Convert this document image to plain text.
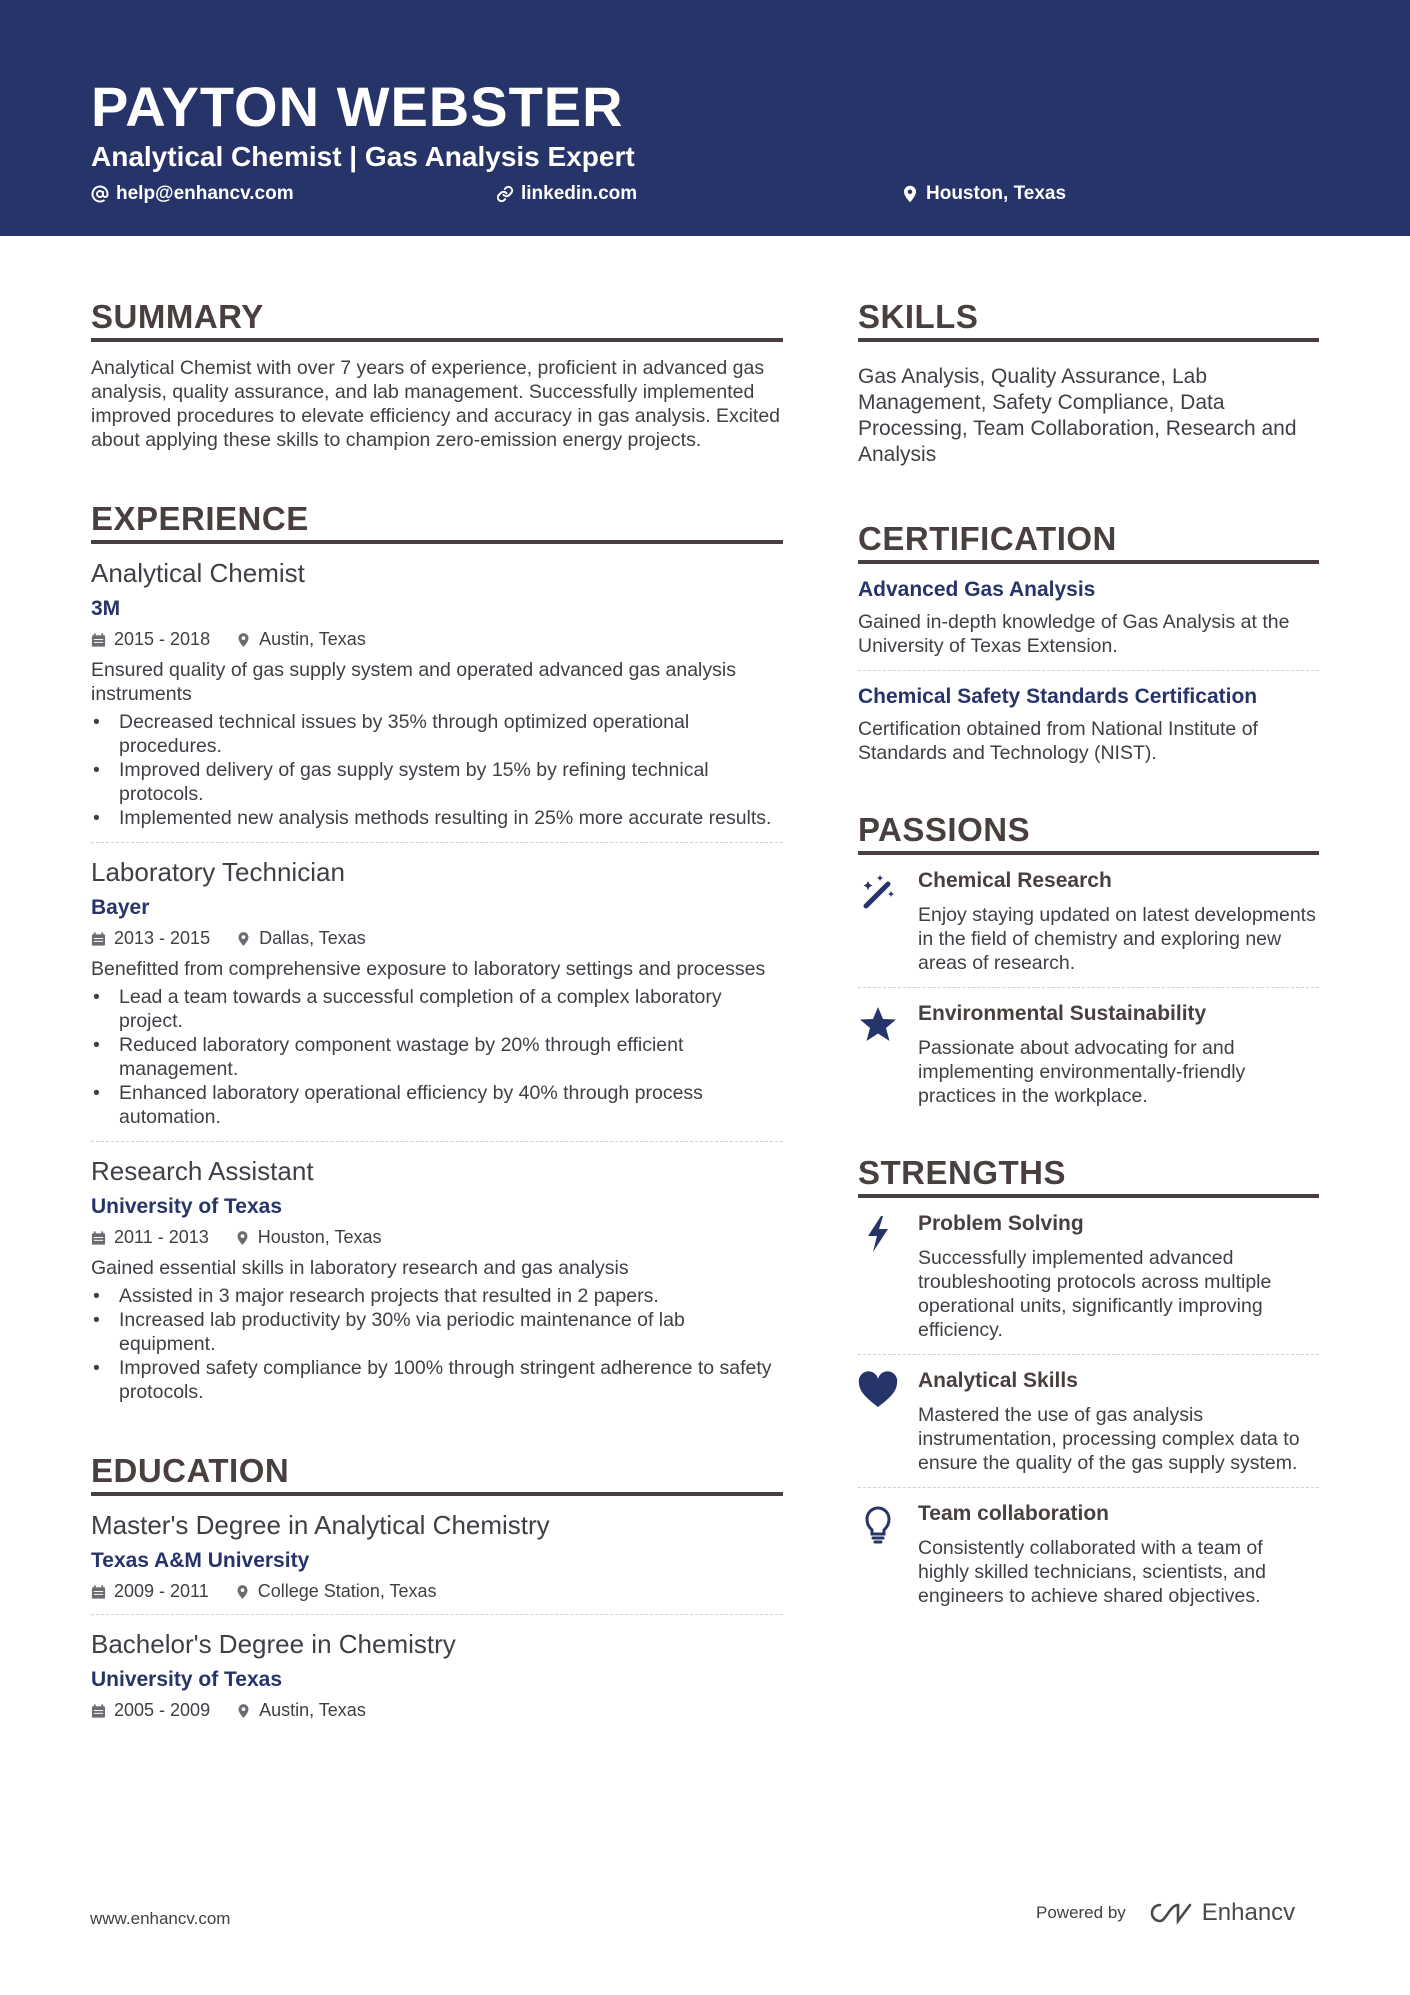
PAYTON WEBSTER
Analytical Chemist | Gas Analysis Expert
help@enhancv.com	linkedin.com	Houston, Texas
SUMMARY
Analytical Chemist with over 7 years of experience, proficient in advanced gas analysis, quality assurance, and lab management. Successfully implemented improved procedures to elevate efficiency and accuracy in gas analysis. Excited about applying these skills to champion zero-emission energy projects.
EXPERIENCE
Analytical Chemist
3M
2015 - 2018	Austin, Texas
Ensured quality of gas supply system and operated advanced gas analysis instruments
• Decreased technical issues by 35% through optimized operational procedures.
• Improved delivery of gas supply system by 15% by refining technical protocols.
• Implemented new analysis methods resulting in 25% more accurate results.
Laboratory Technician
Bayer
2013 - 2015	Dallas, Texas
Benefitted from comprehensive exposure to laboratory settings and processes
• Lead a team towards a successful completion of a complex laboratory project.
• Reduced laboratory component wastage by 20% through efficient management.
• Enhanced laboratory operational efficiency by 40% through process automation.
Research Assistant
University of Texas
2011 - 2013	Houston, Texas
Gained essential skills in laboratory research and gas analysis
• Assisted in 3 major research projects that resulted in 2 papers.
• Increased lab productivity by 30% via periodic maintenance of lab equipment.
• Improved safety compliance by 100% through stringent adherence to safety protocols.
EDUCATION
Master's Degree in Analytical Chemistry
Texas A&M University
2009 - 2011	College Station, Texas
Bachelor's Degree in Chemistry
University of Texas
2005 - 2009	Austin, Texas
SKILLS
Gas Analysis, Quality Assurance, Lab Management, Safety Compliance, Data Processing, Team Collaboration, Research and Analysis
CERTIFICATION
Advanced Gas Analysis
Gained in-depth knowledge of Gas Analysis at the University of Texas Extension.
Chemical Safety Standards Certification
Certification obtained from National Institute of Standards and Technology (NIST).
PASSIONS
Chemical Research
Enjoy staying updated on latest developments in the field of chemistry and exploring new areas of research.
Environmental Sustainability
Passionate about advocating for and implementing environmentally-friendly practices in the workplace.
STRENGTHS
Problem Solving
Successfully implemented advanced troubleshooting protocols across multiple operational units, significantly improving efficiency.
Analytical Skills
Mastered the use of gas analysis instrumentation, processing complex data to ensure the quality of the gas supply system.
Team collaboration
Consistently collaborated with a team of highly skilled technicians, scientists, and engineers to achieve shared objectives.
www.enhancv.com	Powered by	Enhancv
